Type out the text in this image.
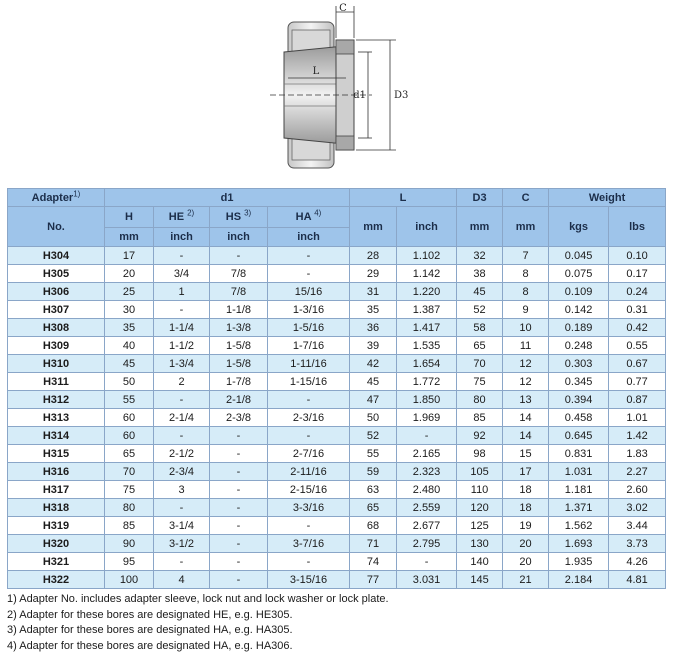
C
L
d1	D3
Adapter$^{1)}$	d1				L		D3	C	Weight	
No.	H	HE $^{2)}$	HS $^{3)}$	HA $^{4)}$	mm	inch	mm	mm	kgs	lbs
	mm	inch	inch	inch						
H304	17	-	-	-	28	1.102	32	7	0.045	0.10
H305	20	3/4	7/8	-	29	1.142	38	8	0.075	0.17
H306	25	1	7/8	15/16	31	1.220	45	8	0.109	0.24
H307	30	-	1-1/8	1-3/16	35	1.387	52	9	0.142	0.31
H308	35	1-1/4	1-3/8	1-5/16	36	1.417	58	10	0.189	0.42
H309	40	1-1/2	1-5/8	1-7/16	39	1.535	65	11	0.248	0.55
H310	45	1-3/4	1-5/8	1-11/16	42	1.654	70	12	0.303	0.67
H311	50	2	1-7/8	1-15/16	45	1.772	75	12	0.345	0.77
H312	55	-	2-1/8	-	47	1.850	80	13	0.394	0.87
H313	60	2-1/4	2-3/8	2-3/16	50	1.969	85	14	0.458	1.01
H314	60	-	-	-	52	-	92	14	0.645	1.42
H315	65	2-1/2	-	2-7/16	55	2.165	98	15	0.831	1.83
H316	70	2-3/4	-	2-11/16	59	2.323	105	17	1.031	2.27
H317	75	3	-	2-15/16	63	2.480	110	18	1.181	2.60
H318	80	-	-	3-3/16	65	2.559	120	18	1.371	3.02
H319	85	3-1/4	-	-	68	2.677	125	19	1.562	3.44
H320	90	3-1/2	-	3-7/16	71	2.795	130	20	1.693	3.73
H321	95	-	-	-	74	-	140	20	1.935	4.26
H322	100	4	-	3-15/16	77	3.031	145	21	2.184	4.81
1) Adapter No. includes adapter sleeve, lock nut and lock washer or lock plate.
2) Adapter for these bores are designated HE, e.g. HE305.
3) Adapter for these bores are designated HA, e.g. HA305.
4) Adapter for these bores are designated HA, e.g. HA306.
